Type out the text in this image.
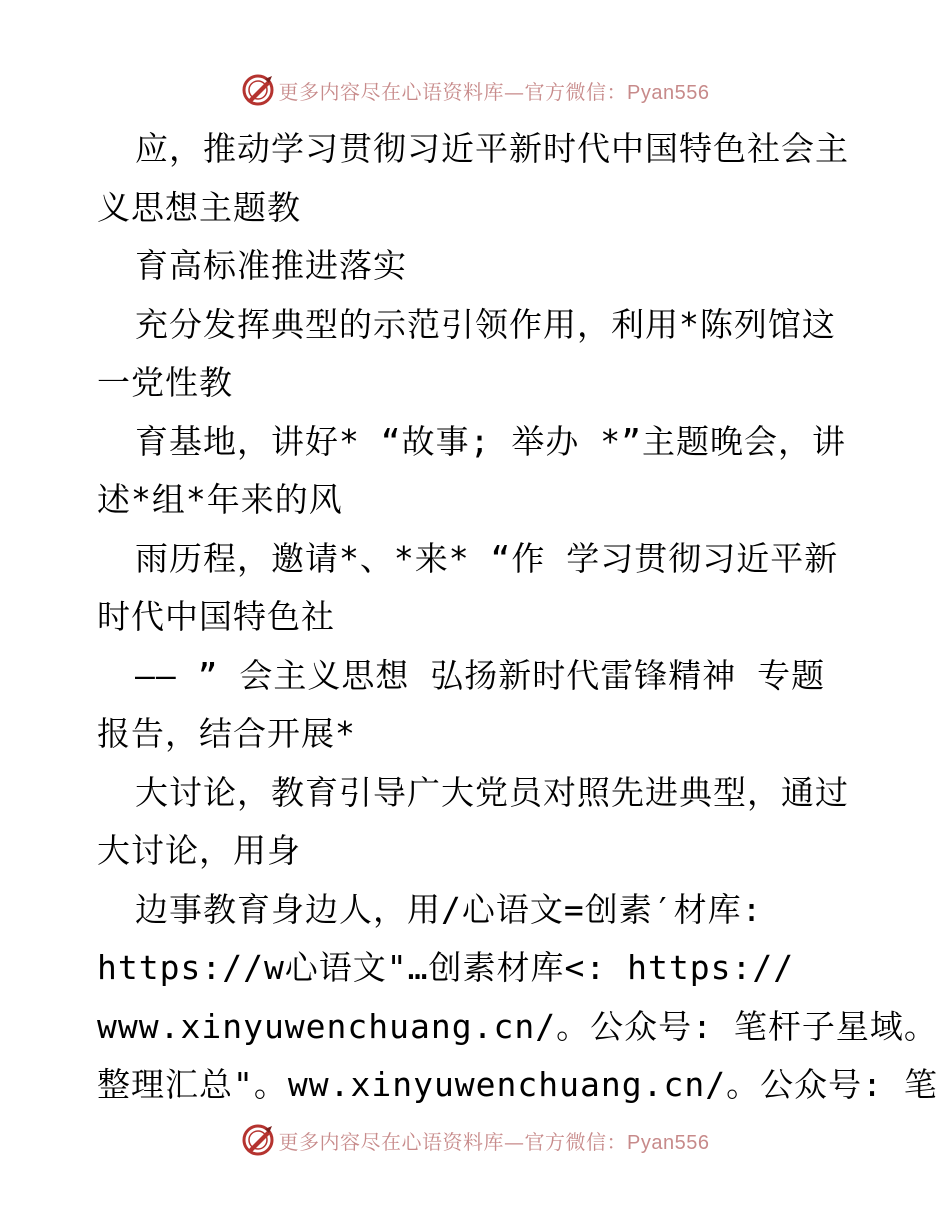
更多内容尽在心语资料库—官方微信：Pyan556
应，推动学习贯彻习近平新时代中国特色社会主
义思想主题教
育高标准推进落实
充分发挥典型的示范引领作用，利用*陈列馆这
一党性教
育基地，讲好* “故事; 举办 *”主题晚会，讲
述*组*年来的风
雨历程，邀请*、*来* “作 学习贯彻习近平新
时代中国特色社
—— ” 会主义思想 弘扬新时代雷锋精神 专题
报告，结合开展*
大讨论，教育引导广大党员对照先进典型，通过
大讨论，用身
边事教育身边人，用/心语文=创素′材库:
https://w心语文"…创素材库<: https://
www.xinyuwenchuang.cn/。公众号: 笔杆子星域。
整理汇总"。ww.xinyuwenchuang.cn/。公众号: 笔
更多内容尽在心语资料库—官方微信：Pyan556
